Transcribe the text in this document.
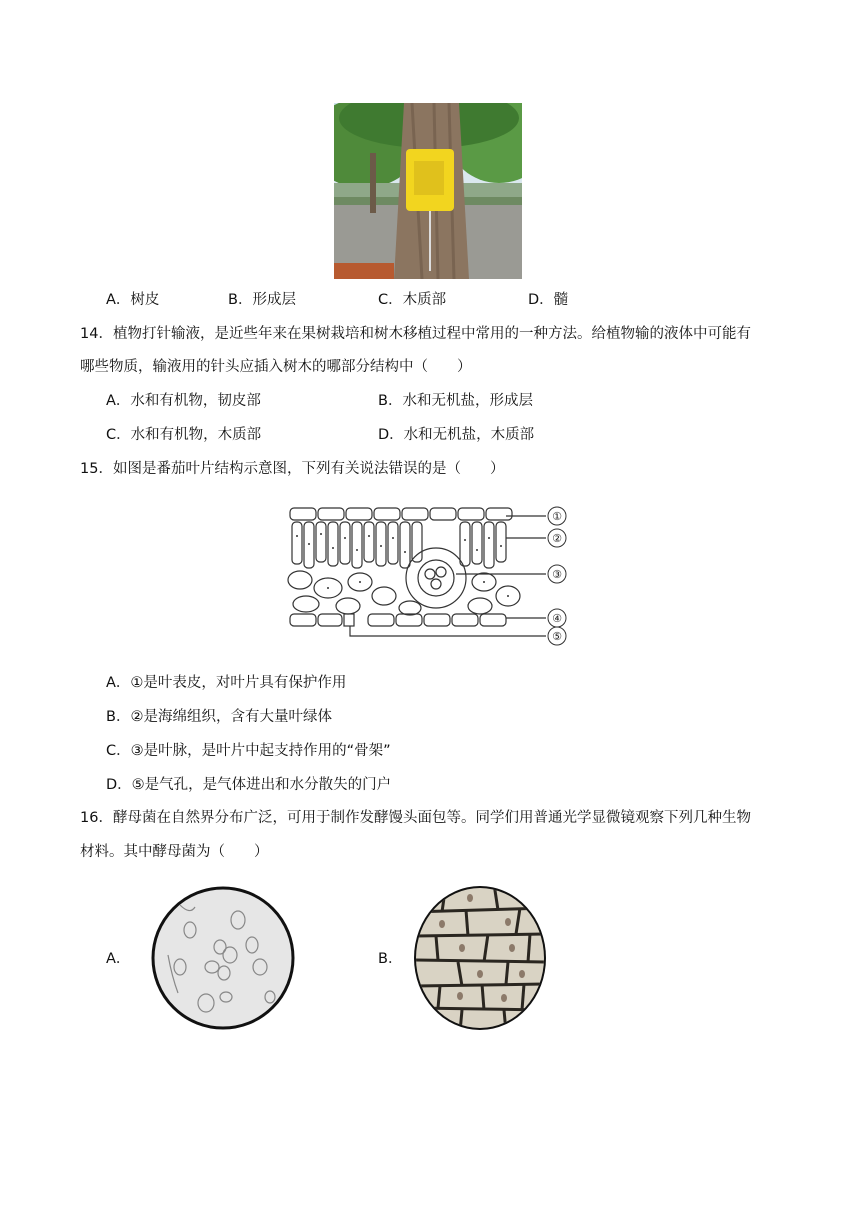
A．树皮	B．形成层	C．木质部	D．髓
14．植物打针输液，是近些年来在果树栽培和树木移植过程中常用的一种方法。给植物输的液体中可能有
哪些物质，输液用的针头应插入树木的哪部分结构中（　　）
A．水和有机物，韧皮部	B．水和无机盐，形成层
C．水和有机物，木质部	D．水和无机盐，木质部
15．如图是番茄叶片结构示意图，下列有关说法错误的是（　　）
①
②
③
④
⑤
A．①是叶表皮，对叶片具有保护作用
B．②是海绵组织，含有大量叶绿体
C．③是叶脉，是叶片中起支持作用的“骨架”
D．⑤是气孔，是气体进出和水分散失的门户
16．酵母菌在自然界分布广泛，可用于制作发酵馒头面包等。同学们用普通光学显微镜观察下列几种生物
材料。其中酵母菌为（　　）
A．	B．
